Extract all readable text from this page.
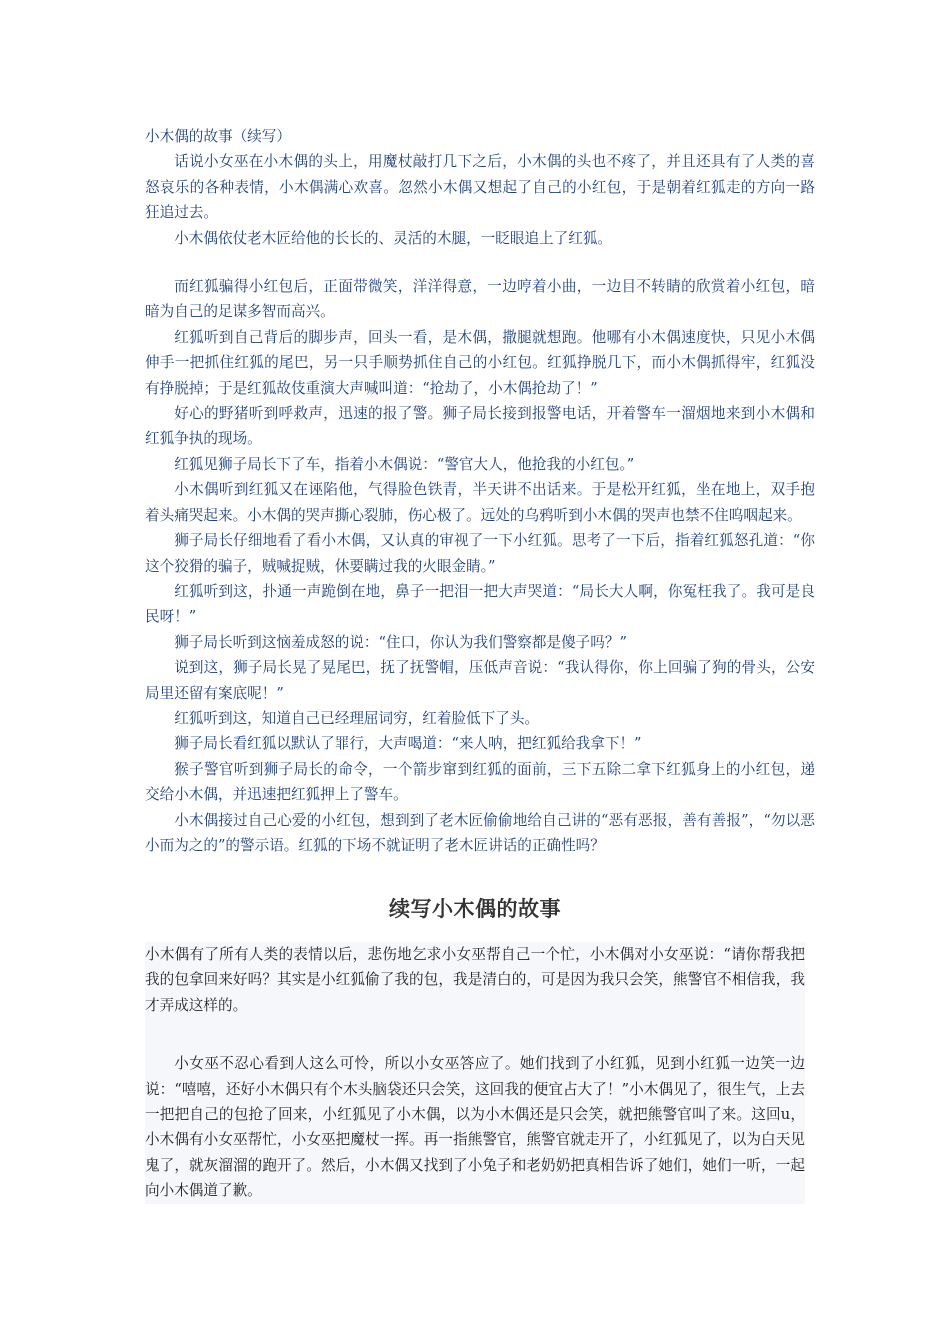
小木偶的故事（续写）

话说小女巫在小木偶的头上，用魔杖敲打几下之后，小木偶的头也不疼了，并且还具有了人类的喜怒哀乐的各种表情，小木偶满心欢喜。忽然小木偶又想起了自己的小红包，于是朝着红狐走的方向一路狂追过去。

小木偶依仗老木匠给他的长长的、灵活的木腿，一眨眼追上了红狐。

而红狐骗得小红包后，正面带微笑，洋洋得意，一边哼着小曲，一边目不转睛的欣赏着小红包，暗暗为自己的足谋多智而高兴。

红狐听到自己背后的脚步声，回头一看，是木偶，撒腿就想跑。他哪有小木偶速度快，只见小木偶伸手一把抓住红狐的尾巴，另一只手顺势抓住自己的小红包。红狐挣脱几下，而小木偶抓得牢，红狐没有挣脱掉；于是红狐故伎重演大声喊叫道：“抢劫了，小木偶抢劫了！”

好心的野猪听到呼救声，迅速的报了警。狮子局长接到报警电话，开着警车一溜烟地来到小木偶和红狐争执的现场。

红狐见狮子局长下了车，指着小木偶说：“警官大人，他抢我的小红包。”

小木偶听到红狐又在诬陷他，气得脸色铁青，半天讲不出话来。于是松开红狐，坐在地上，双手抱着头痛哭起来。小木偶的哭声撕心裂肺，伤心极了。远处的乌鸦听到小木偶的哭声也禁不住呜咽起来。

狮子局长仔细地看了看小木偶，又认真的审视了一下小红狐。思考了一下后，指着红狐怒孔道：“你这个狡猾的骗子，贼喊捉贼，休要瞒过我的火眼金睛。”

红狐听到这，扑通一声跪倒在地，鼻子一把泪一把大声哭道：“局长大人啊，你冤枉我了。我可是良民呀！”

狮子局长听到这恼羞成怒的说：“住口，你认为我们警察都是傻子吗？”

说到这，狮子局长晃了晃尾巴，抚了抚警帽，压低声音说：“我认得你，你上回骗了狗的骨头，公安局里还留有案底呢！”

红狐听到这，知道自己已经理屈词穷，红着脸低下了头。

狮子局长看红狐以默认了罪行，大声喝道：“来人呐，把红狐给我拿下！”

猴子警官听到狮子局长的命令，一个箭步窜到红狐的面前，三下五除二拿下红狐身上的小红包，递交给小木偶，并迅速把红狐押上了警车。

小木偶接过自己心爱的小红包，想到到了老木匠偷偷地给自己讲的“恶有恶报，善有善报”，“勿以恶小而为之的”的警示语。红狐的下场不就证明了老木匠讲话的正确性吗？

续写小木偶的故事

小木偶有了所有人类的表情以后，悲伤地乞求小女巫帮自己一个忙，小木偶对小女巫说：“请你帮我把我的包拿回来好吗？其实是小红狐偷了我的包，我是清白的，可是因为我只会笑，熊警官不相信我，我才弄成这样的。

小女巫不忍心看到人这么可怜，所以小女巫答应了。她们找到了小红狐，见到小红狐一边笑一边说：“嘻嘻，还好小木偶只有个木头脑袋还只会笑，这回我的便宜占大了！”小木偶见了，很生气，上去一把把自己的包抢了回来，小红狐见了小木偶，以为小木偶还是只会笑，就把熊警官叫了来。这回u，小木偶有小女巫帮忙，小女巫把魔杖一挥。再一指熊警官，熊警官就走开了，小红狐见了，以为白天见鬼了，就灰溜溜的跑开了。然后，小木偶又找到了小兔子和老奶奶把真相告诉了她们，她们一听，一起向小木偶道了歉。
